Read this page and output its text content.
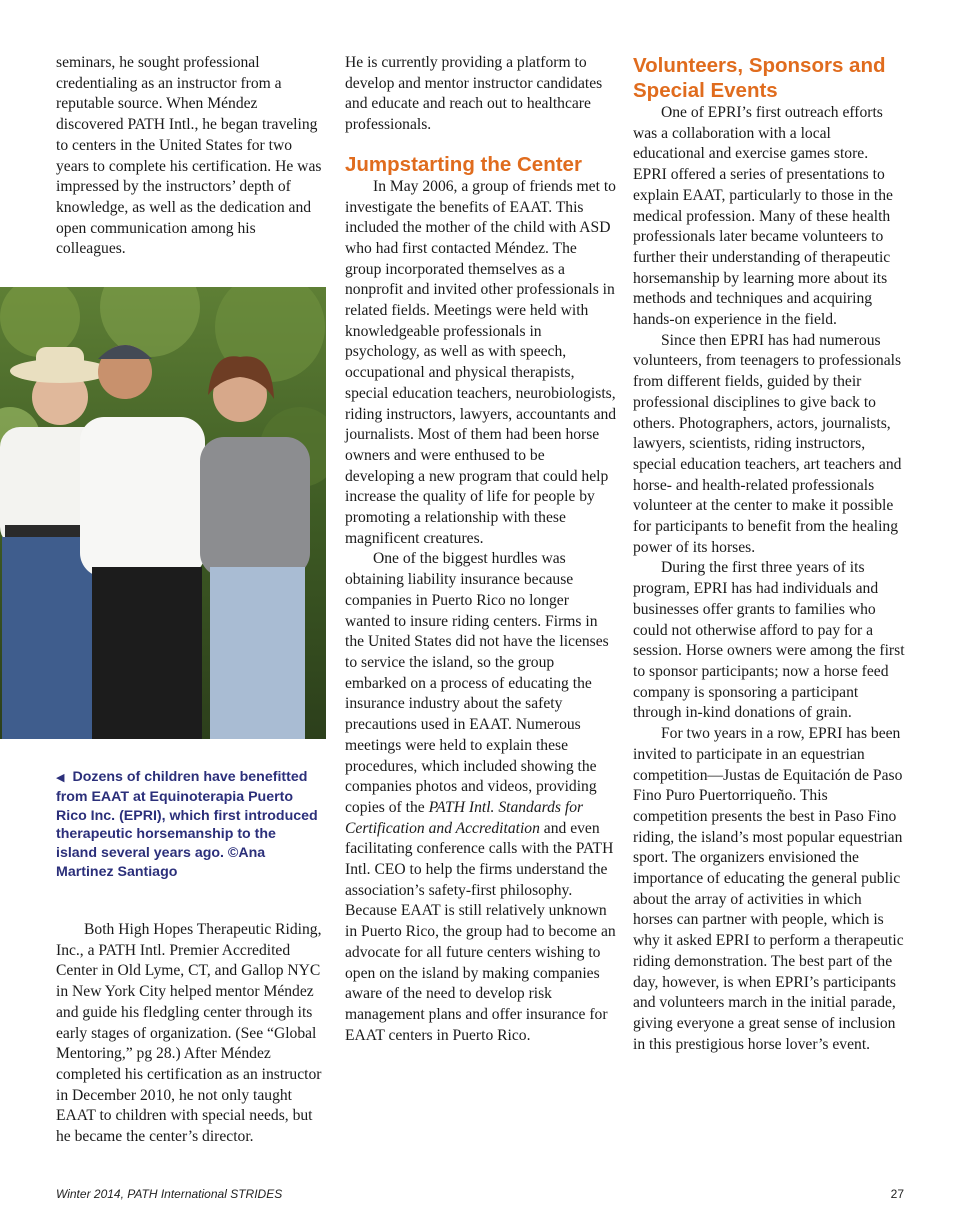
seminars, he sought professional credentialing as an instructor from a reputable source. When Méndez discovered PATH Intl., he began traveling to centers in the United States for two years to complete his certification. He was impressed by the instructors’ depth of knowledge, as well as the dedication and open communication among his colleagues.

◀ Dozens of children have benefitted from EAAT at Equinoterapia Puerto Rico Inc. (EPRI), which first introduced therapeutic horsemanship to the island several years ago. ©Ana Martinez Santiago

Both High Hopes Therapeutic Riding, Inc., a PATH Intl. Premier Accredited Center in Old Lyme, CT, and Gallop NYC in New York City helped mentor Méndez and guide his fledgling center through its early stages of organization. (See “Global Mentoring,” pg 28.) After Méndez completed his certification as an instructor in December 2010, he not only taught EAAT to children with special needs, but he became the center’s director.

He is currently providing a platform to develop and mentor instructor candidates and educate and reach out to healthcare professionals.

Jumpstarting the Center

In May 2006, a group of friends met to investigate the benefits of EAAT. This included the mother of the child with ASD who had first contacted Méndez. The group incorporated themselves as a nonprofit and invited other professionals in related fields. Meetings were held with knowledgeable professionals in psychology, as well as with speech, occupational and physical therapists, special education teachers, neurobiologists, riding instructors, lawyers, accountants and journalists. Most of them had been horse owners and were enthused to be developing a new program that could help increase the quality of life for people by promoting a relationship with these magnificent creatures.

One of the biggest hurdles was obtaining liability insurance because companies in Puerto Rico no longer wanted to insure riding centers. Firms in the United States did not have the licenses to service the island, so the group embarked on a process of educating the insurance industry about the safety precautions used in EAAT. Numerous meetings were held to explain these procedures, which included showing the companies photos and videos, providing copies of the PATH Intl. Standards for Certification and Accreditation and even facilitating conference calls with the PATH Intl. CEO to help the firms understand the association’s safety-first philosophy. Because EAAT is still relatively unknown in Puerto Rico, the group had to become an advocate for all future centers wishing to open on the island by making companies aware of the need to develop risk management plans and offer insurance for EAAT centers in Puerto Rico.

Volunteers, Sponsors and Special Events

One of EPRI’s first outreach efforts was a collaboration with a local educational and exercise games store. EPRI offered a series of presentations to explain EAAT, particularly to those in the medical profession. Many of these health professionals later became volunteers to further their understanding of therapeutic horsemanship by learning more about its methods and techniques and acquiring hands-on experience in the field.

Since then EPRI has had numerous volunteers, from teenagers to professionals from different fields, guided by their professional disciplines to give back to others. Photographers, actors, journalists, lawyers, scientists, riding instructors, special education teachers, art teachers and horse- and health-related professionals volunteer at the center to make it possible for participants to benefit from the healing power of its horses.

During the first three years of its program, EPRI has had individuals and businesses offer grants to families who could not otherwise afford to pay for a session. Horse owners were among the first to sponsor participants; now a horse feed company is sponsoring a participant through in-kind donations of grain.

For two years in a row, EPRI has been invited to participate in an equestrian competition—Justas de Equitación de Paso Fino Puro Puertorriqueño. This competition presents the best in Paso Fino riding, the island’s most popular equestrian sport. The organizers envisioned the importance of educating the general public about the array of activities in which horses can partner with people, which is why it asked EPRI to perform a therapeutic riding demonstration. The best part of the day, however, is when EPRI’s participants and volunteers march in the initial parade, giving everyone a great sense of inclusion in this prestigious horse lover’s event.

Winter 2014, PATH International STRIDES	27
